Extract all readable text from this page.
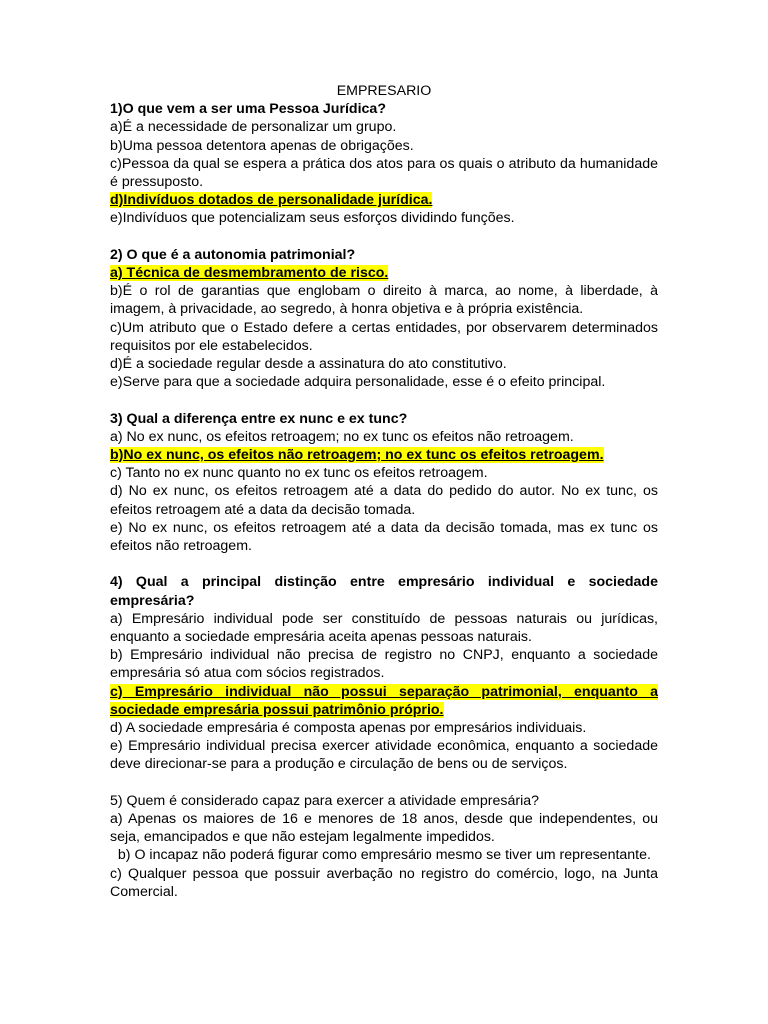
EMPRESARIO

1)O que vem a ser uma Pessoa Jurídica?
a)É a necessidade de personalizar um grupo.
b)Uma pessoa detentora apenas de obrigações.
c)Pessoa da qual se espera a prática dos atos para os quais o atributo da humanidade é pressuposto.
d)Indivíduos dotados de personalidade jurídica.
e)Indivíduos que potencializam seus esforços dividindo funções.
2) O que é a autonomia patrimonial?
a) Técnica de desmembramento de risco.
b)É o rol de garantias que englobam o direito à marca, ao nome, à liberdade, à imagem, à privacidade, ao segredo, à honra objetiva e à própria existência.
c)Um atributo que o Estado defere a certas entidades, por observarem determinados requisitos por ele estabelecidos.
d)É a sociedade regular desde a assinatura do ato constitutivo.
e)Serve para que a sociedade adquira personalidade, esse é o efeito principal.
3) Qual a diferença entre ex nunc e ex tunc?
a) No ex nunc, os efeitos retroagem; no ex tunc os efeitos não retroagem.
b)No ex nunc, os efeitos não retroagem; no ex tunc os efeitos retroagem.
c) Tanto no ex nunc quanto no ex tunc os efeitos retroagem.
d) No ex nunc, os efeitos retroagem até a data do pedido do autor. No ex tunc, os efeitos retroagem até a data da decisão tomada.
e) No ex nunc, os efeitos retroagem até a data da decisão tomada, mas ex tunc os efeitos não retroagem.
4) Qual a principal distinção entre empresário individual e sociedade empresária?
a) Empresário individual pode ser constituído de pessoas naturais ou jurídicas, enquanto a sociedade empresária aceita apenas pessoas naturais.
b) Empresário individual não precisa de registro no CNPJ, enquanto a sociedade empresária só atua com sócios registrados.
c) Empresário individual não possui separação patrimonial, enquanto a sociedade empresária possui patrimônio próprio.
d) A sociedade empresária é composta apenas por empresários individuais.
e) Empresário individual precisa exercer atividade econômica, enquanto a sociedade deve direcionar-se para a produção e circulação de bens ou de serviços.
5) Quem é considerado capaz para exercer a atividade empresária?
a) Apenas os maiores de 16 e menores de 18 anos, desde que independentes, ou seja, emancipados e que não estejam legalmente impedidos.
b) O incapaz não poderá figurar como empresário mesmo se tiver um representante.
c) Qualquer pessoa que possuir averbação no registro do comércio, logo, na Junta Comercial.
